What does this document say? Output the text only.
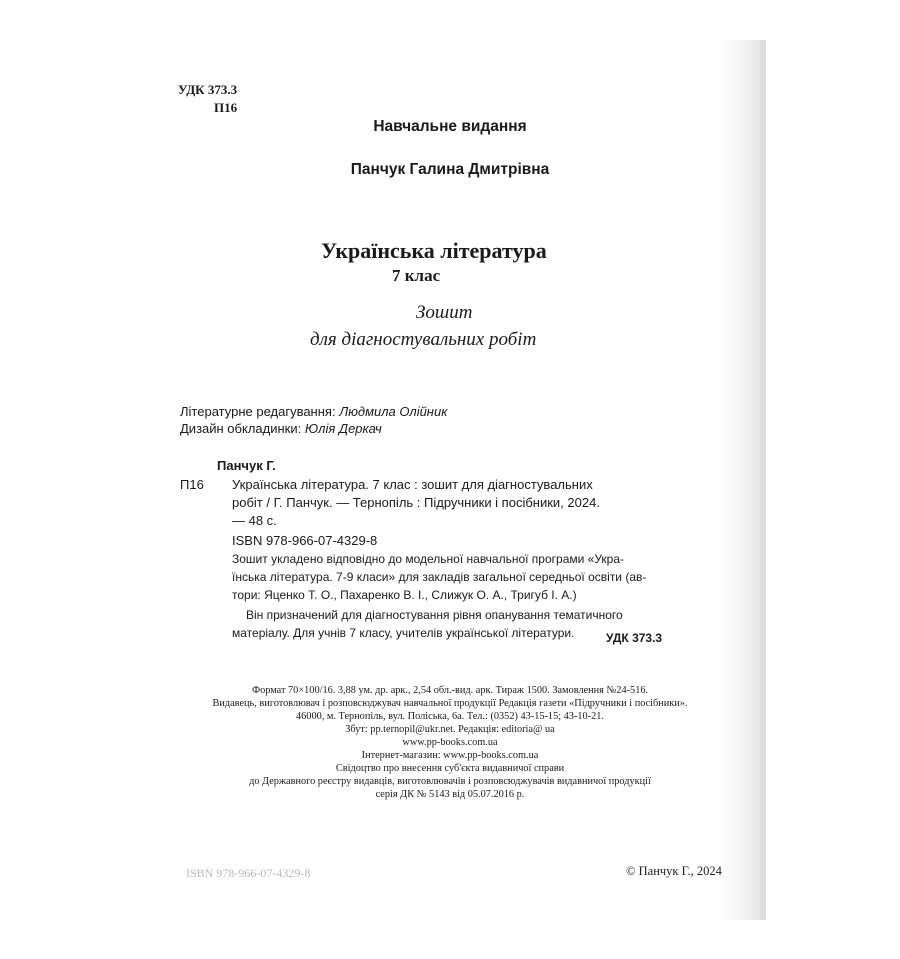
УДК 373.3
П16
Навчальне видання
Панчук Галина Дмитрівна
Українська література
7 клас
Зошит
для діагностувальних робіт
Літературне редагування: Людмила Олійник
Дизайн обкладинки: Юлія Деркач
Панчук Г.
П16 Українська література. 7 клас : зошит для діагностувальних
робіт / Г. Панчук. — Тернопіль : Підручники і посібники, 2024.
— 48 с.
ISBN 978-966-07-4329-8
Зошит укладено відповідно до модельної навчальної програми «Укра-
їнська література. 7-9 класи» для закладів загальної середньої освіти (ав-
тори: Яценко Т. О., Пахаренко В. І., Слижук О. А., Тригуб І. А.)
Він призначений для діагностування рівня опанування тематичного
матеріалу. Для учнів 7 класу, учителів української літератури.	УДК 373.3
Формат 70×100/16. 3,88 ум. др. арк., 2,54 обл.-вид. арк. Тираж 1500. Замовлення №24-516.
Видавець, виготовлювач і розповсюджувач навчальної продукції Редакція газети «Підручники і посібники».
46000, м. Тернопіль, вул. Поліська, 6а. Тел.: (0352) 43-15-15; 43-10-21.
Збут: pp.ternopil@ukr.net. Редакція: editoria@ ua
www.pp-books.com.ua
Інтернет-магазин: www.pp-books.com.ua
Свідоцтво про внесення суб'єкта видавничої справи
до Державного реєстру видавців, виготовлювачів і розповсюджувачів видавничої продукції
серія ДК № 5143 від 05.07.2016 р.
ISBN 978-966-07-4329-8	© Панчук Г., 2024
